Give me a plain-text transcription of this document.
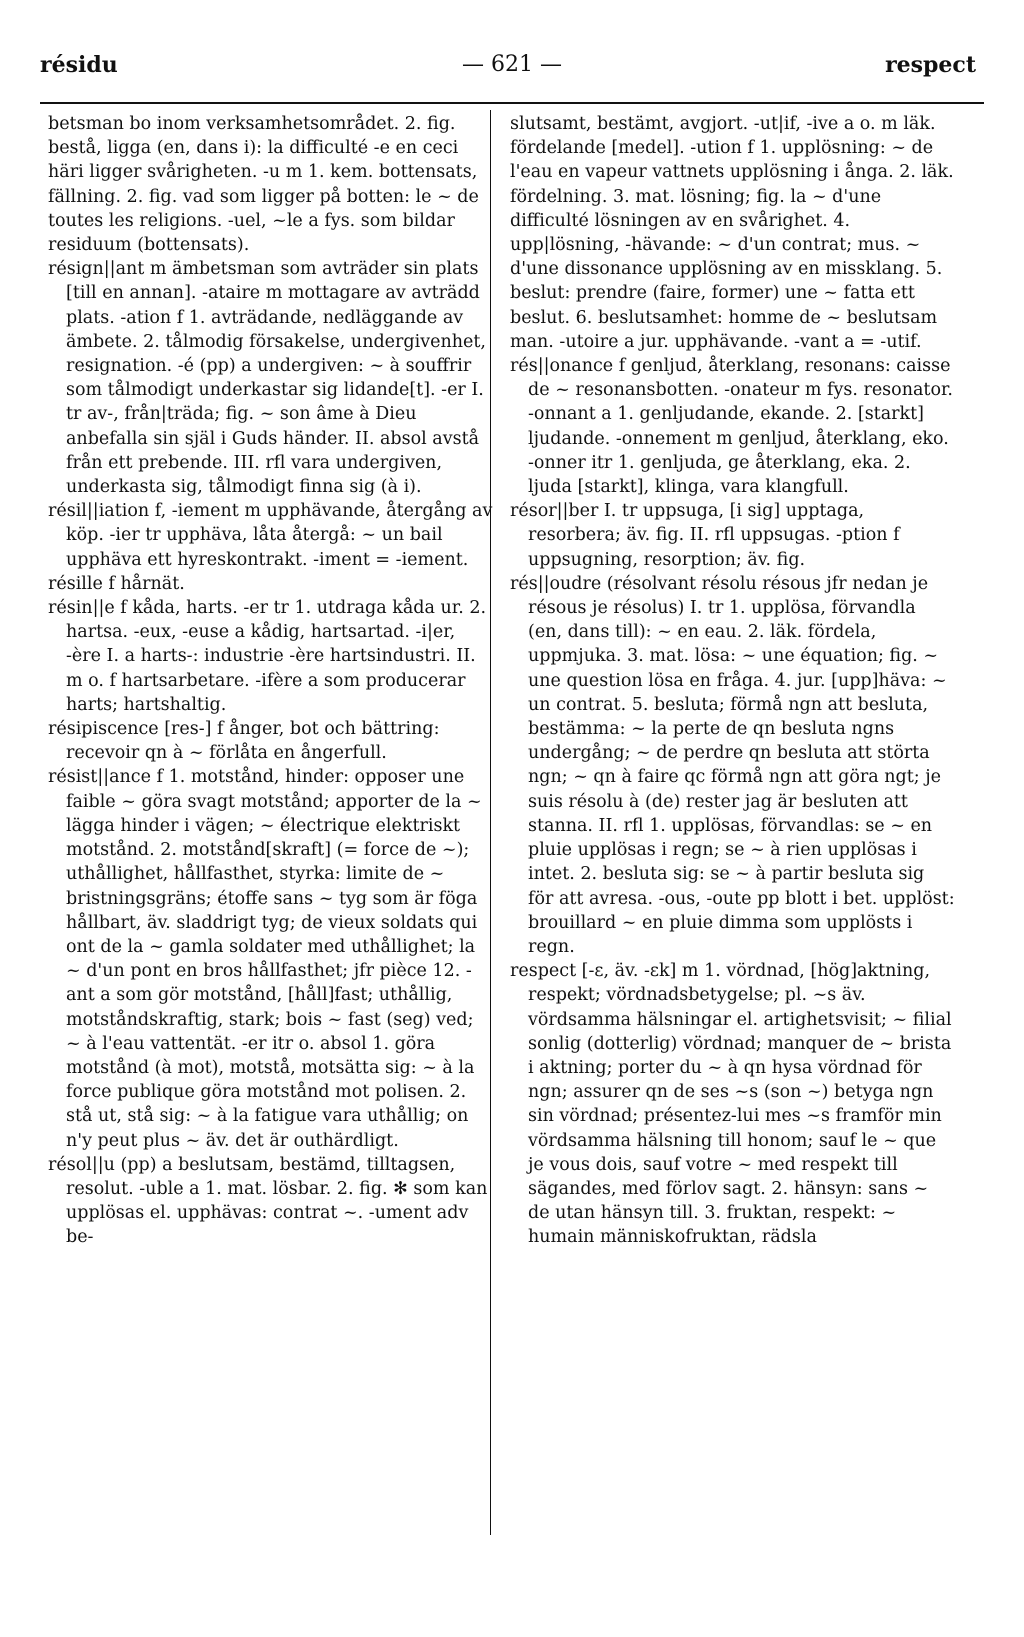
résidu	— 621 —	respect

betsman bo inom verksamhetsområdet. 2. fig. bestå, ligga (en, dans i): la difficulté -e en ceci häri ligger svårigheten. -u m 1. kem. bottensats, fällning. 2. fig. vad som ligger på botten: le ~ de toutes les religions. -uel, ~le a fys. som bildar residuum (bottensats).

résign||ant m ämbetsman som avträder sin plats [till en annan]. -ataire m mottagare av avträdd plats. -ation f 1. avträdande, nedläggande av ämbete. 2. tålmodig försakelse, undergivenhet, resignation. -é (pp) a undergiven: ~ à souffrir som tålmodigt underkastar sig lidande[t]. -er I. tr av-, från|träda; fig. ~ son âme à Dieu anbefalla sin själ i Guds händer. II. absol avstå från ett prebende. III. rfl vara undergiven, underkasta sig, tålmodigt finna sig (à i).

résil||iation f, -iement m upphävande, återgång av köp. -ier tr upphäva, låta återgå: ~ un bail upphäva ett hyreskontrakt. -iment = -iement.

résille f hårnät.

résin||e f kåda, harts. -er tr 1. utdraga kåda ur. 2. hartsa. -eux, -euse a kådig, hartsartad. -i|er, -ère I. a harts-: industrie -ère hartsindustri. II. m o. f hartsarbetare. -ifère a som producerar harts; hartshaltig.

résipiscence [res-] f ånger, bot och bättring: recevoir qn à ~ förlåta en ångerfull.

résist||ance f 1. motstånd, hinder: opposer une faible ~ göra svagt motstånd; apporter de la ~ lägga hinder i vägen; ~ électrique elektriskt motstånd. 2. motstånd[skraft] (= force de ~); uthållighet, hållfasthet, styrka: limite de ~ bristningsgräns; étoffe sans ~ tyg som är föga hållbart, äv. sladdrigt tyg; de vieux soldats qui ont de la ~ gamla soldater med uthållighet; la ~ d'un pont en bros hållfasthet; jfr pièce 12. -ant a som gör motstånd, [håll]fast; uthållig, motståndskraftig, stark; bois ~ fast (seg) ved; ~ à l'eau vattentät. -er itr o. absol 1. göra motstånd (à mot), motstå, motsätta sig: ~ à la force publique göra motstånd mot polisen. 2. stå ut, stå sig: ~ à la fatigue vara uthållig; on n'y peut plus ~ äv. det är outhärdligt.

résol||u (pp) a beslutsam, bestämd, tilltagsen, resolut. -uble a 1. mat. lösbar. 2. fig. ✻ som kan upplösas el. upphävas: contrat ~. -ument adv be-

slutsamt, bestämt, avgjort. -ut|if, -ive a o. m läk. fördelande [medel]. -ution f 1. upplösning: ~ de l'eau en vapeur vattnets upplösning i ånga. 2. läk. fördelning. 3. mat. lösning; fig. la ~ d'une difficulté lösningen av en svårighet. 4. upp|lösning, -hävande: ~ d'un contrat; mus. ~ d'une dissonance upplösning av en missklang. 5. beslut: prendre (faire, former) une ~ fatta ett beslut. 6. beslutsamhet: homme de ~ beslutsam man. -utoire a jur. upphävande. -vant a = -utif.

rés||onance f genljud, återklang, resonans: caisse de ~ resonansbotten. -onateur m fys. resonator. -onnant a 1. genljudande, ekande. 2. [starkt] ljudande. -onnement m genljud, återklang, eko. -onner itr 1. genljuda, ge återklang, eka. 2. ljuda [starkt], klinga, vara klangfull.

résor||ber I. tr uppsuga, [i sig] upptaga, resorbera; äv. fig. II. rfl uppsugas. -ption f uppsugning, resorption; äv. fig.

rés||oudre (résolvant résolu résous jfr nedan je résous je résolus) I. tr 1. upplösa, förvandla (en, dans till): ~ en eau. 2. läk. fördela, uppmjuka. 3. mat. lösa: ~ une équation; fig. ~ une question lösa en fråga. 4. jur. [upp]häva: ~ un contrat. 5. besluta; förmå ngn att besluta, bestämma: ~ la perte de qn besluta ngns undergång; ~ de perdre qn besluta att störta ngn; ~ qn à faire qc förmå ngn att göra ngt; je suis résolu à (de) rester jag är besluten att stanna. II. rfl 1. upplösas, förvandlas: se ~ en pluie upplösas i regn; se ~ à rien upplösas i intet. 2. besluta sig: se ~ à partir besluta sig för att avresa. -ous, -oute pp blott i bet. upplöst: brouillard ~ en pluie dimma som upplösts i regn.

respect [-ɛ, äv. -ɛk] m 1. vördnad, [hög]aktning, respekt; vördnadsbetygelse; pl. ~s äv. vördsamma hälsningar el. artighetsvisit; ~ filial sonlig (dotterlig) vördnad; manquer de ~ brista i aktning; porter du ~ à qn hysa vördnad för ngn; assurer qn de ses ~s (son ~) betyga ngn sin vördnad; présentez-lui mes ~s framför min vördsamma hälsning till honom; sauf le ~ que je vous dois, sauf votre ~ med respekt till sägandes, med förlov sagt. 2. hänsyn: sans ~ de utan hänsyn till. 3. fruktan, respekt: ~ humain människofruktan, rädsla
